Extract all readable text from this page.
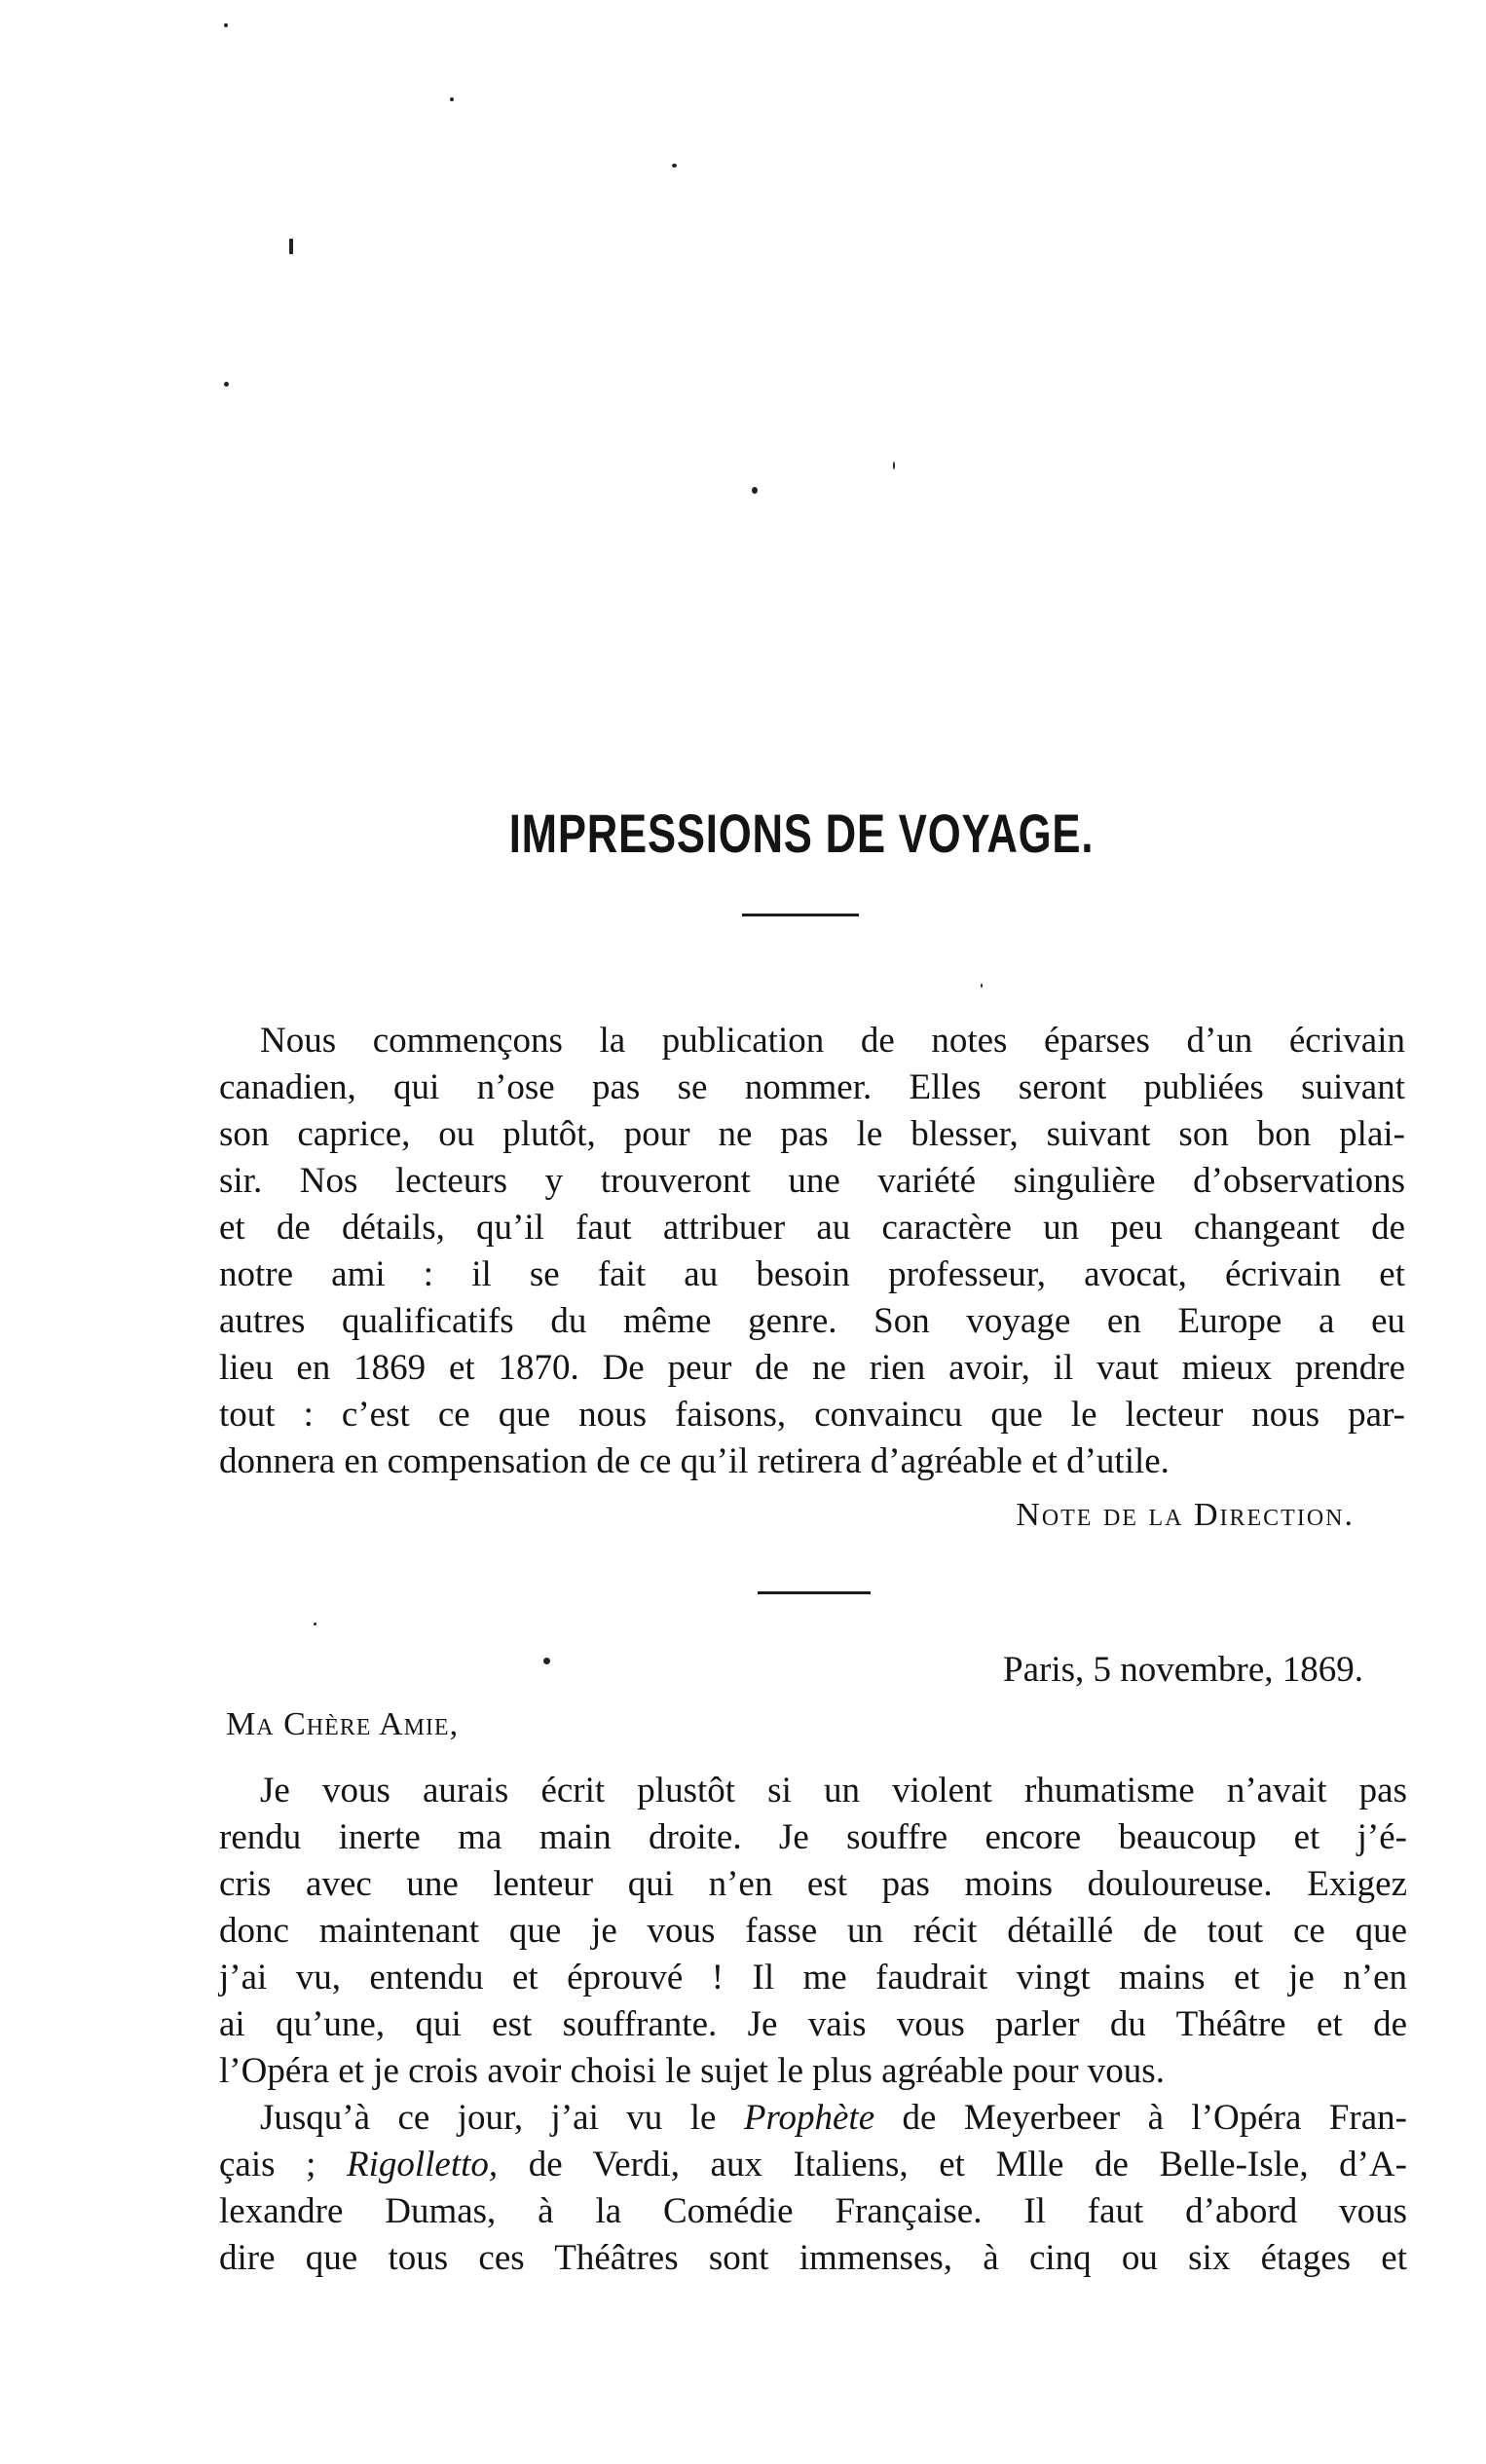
IMPRESSIONS DE VOYAGE.
Nous commençons la publication de notes éparses d’un écrivain
canadien, qui n’ose pas se nommer. Elles seront publiées suivant
son caprice, ou plutôt, pour ne pas le blesser, suivant son bon plai-
sir. Nos lecteurs y trouveront une variété singulière d’observations
et de détails, qu’il faut attribuer au caractère un peu changeant de
notre ami : il se fait au besoin professeur, avocat, écrivain et
autres qualificatifs du même genre. Son voyage en Europe a eu
lieu en 1869 et 1870. De peur de ne rien avoir, il vaut mieux prendre
tout : c’est ce que nous faisons, convaincu que le lecteur nous par-
donnera en compensation de ce qu’il retirera d’agréable et d’utile.
Note de la Direction.
Paris, 5 novembre, 1869.
Ma Chère Amie,
Je vous aurais écrit plustôt si un violent rhumatisme n’avait pas
rendu inerte ma main droite. Je souffre encore beaucoup et j’é-
cris avec une lenteur qui n’en est pas moins douloureuse. Exigez
donc maintenant que je vous fasse un récit détaillé de tout ce que
j’ai vu, entendu et éprouvé ! Il me faudrait vingt mains et je n’en
ai qu’une, qui est souffrante. Je vais vous parler du Théâtre et de
l’Opéra et je crois avoir choisi le sujet le plus agréable pour vous.
Jusqu’à ce jour, j’ai vu le Prophète de Meyerbeer à l’Opéra Fran-
çais ; Rigolletto, de Verdi, aux Italiens, et Mlle de Belle-Isle, d’A-
lexandre Dumas, à la Comédie Française. Il faut d’abord vous
dire que tous ces Théâtres sont immenses, à cinq ou six étages et
